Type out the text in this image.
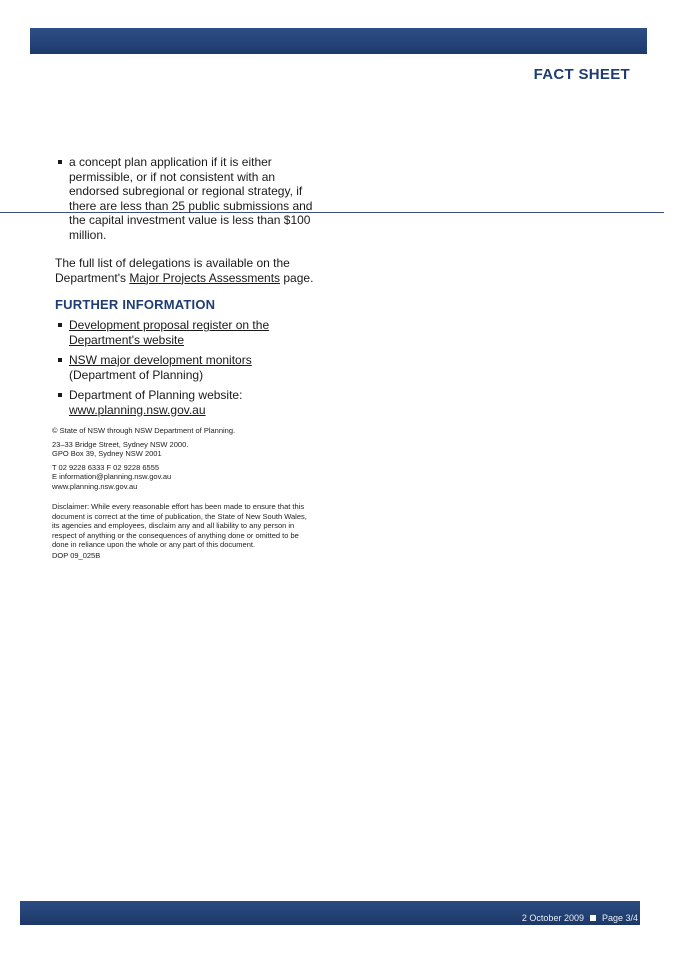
FACT SHEET
a concept plan application if it is either permissible, or if not consistent with an endorsed subregional or regional strategy, if there are less than 25 public submissions and the capital investment value is less than $100 million.

The full list of delegations is available on the Department's Major Projects Assessments page.

FURTHER INFORMATION
Development proposal register on the Department's website
NSW major development monitors (Department of Planning)
Department of Planning website:
www.planning.nsw.gov.au
© State of NSW through NSW Department of Planning.
23–33 Bridge Street, Sydney NSW 2000.
GPO Box 39, Sydney NSW 2001
T 02 9228 6333 F 02 9228 6555
E information@planning.nsw.gov.au
www.planning.nsw.gov.au
Disclaimer: While every reasonable effort has been made to ensure that this document is correct at the time of publication, the State of New South Wales, its agencies and employees, disclaim any and all liability to any person in respect of anything or the consequences of anything done or omitted to be done in reliance upon the whole or any part of this document.
DOP 09_025B
2 October 2009 Page 3/4
